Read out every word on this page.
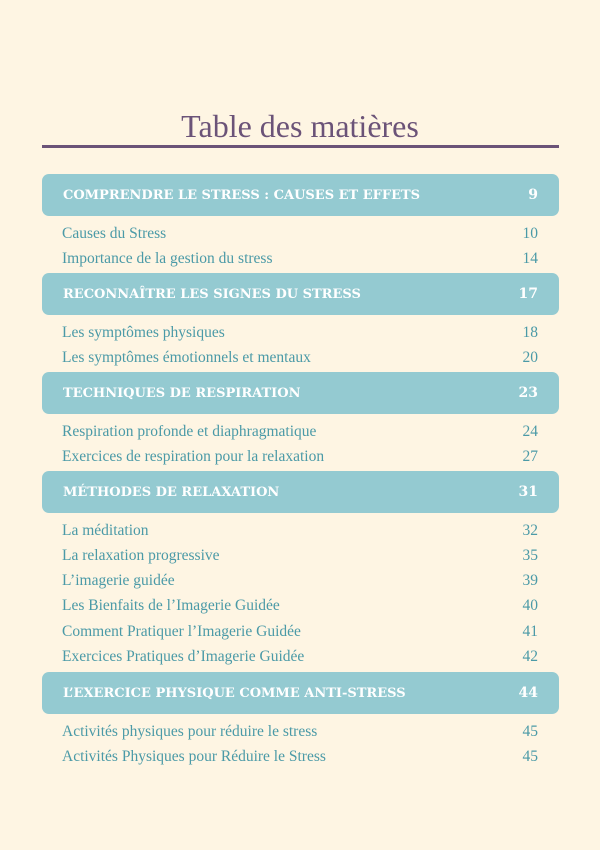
Table des matières
COMPRENDRE LE STRESS : CAUSES ET EFFETS	9
Causes du Stress	10
Importance de la gestion du stress	14
RECONNAÎTRE LES SIGNES DU STRESS	17
Les symptômes physiques	18
Les symptômes émotionnels et mentaux	20
TECHNIQUES DE RESPIRATION	23
Respiration profonde et diaphragmatique	24
Exercices de respiration pour la relaxation	27
MÉTHODES DE RELAXATION	31
La méditation	32
La relaxation progressive	35
L’imagerie guidée	39
Les Bienfaits de l’Imagerie Guidée	40
Comment Pratiquer l’Imagerie Guidée	41
Exercices Pratiques d’Imagerie Guidée	42
L’EXERCICE PHYSIQUE COMME ANTI-STRESS	44
Activités physiques pour réduire le stress	45
Activités Physiques pour Réduire le Stress	45
